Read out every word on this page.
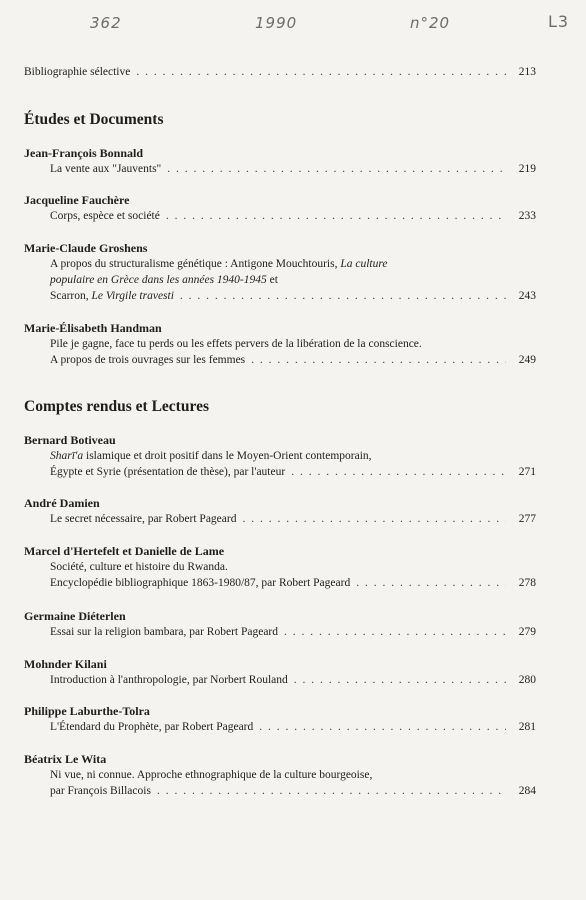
362	1990	n°20	L3
Bibliographie sélective . . .	213
Études et Documents
Jean-François Bonnald
La vente aux "Jauvents" . . .	219
Jacqueline Fauchère
Corps, espèce et société . . .	233
Marie-Claude Groshens
A propos du structuralisme génétique : Antigone Mouchtouris, La culture
populaire en Grèce dans les années 1940-1945 et
Scarron, Le Virgile travesti . . .	243
Marie-Élisabeth Handman
Pile je gagne, face tu perds ou les effets pervers de la libération de la conscience.
A propos de trois ouvrages sur les femmes . . .	249
Comptes rendus et Lectures
Bernard Botiveau
Sharī'a islamique et droit positif dans le Moyen-Orient contemporain,
Égypte et Syrie (présentation de thèse), par l'auteur . . .	271
André Damien
Le secret nécessaire, par Robert Pageard . . .	277
Marcel d'Hertefelt et Danielle de Lame
Société, culture et histoire du Rwanda.
Encyclopédie bibliographique 1863-1980/87, par Robert Pageard . . .	278
Germaine Diéterlen
Essai sur la religion bambara, par Robert Pageard . . .	279
Mohnder Kilani
Introduction à l'anthropologie, par Norbert Rouland . . .	280
Philippe Laburthe-Tolra
L'Étendard du Prophète, par Robert Pageard . . .	281
Béatrix Le Wita
Ni vue, ni connue. Approche ethnographique de la culture bourgeoise,
par François Billacois . . .	284
